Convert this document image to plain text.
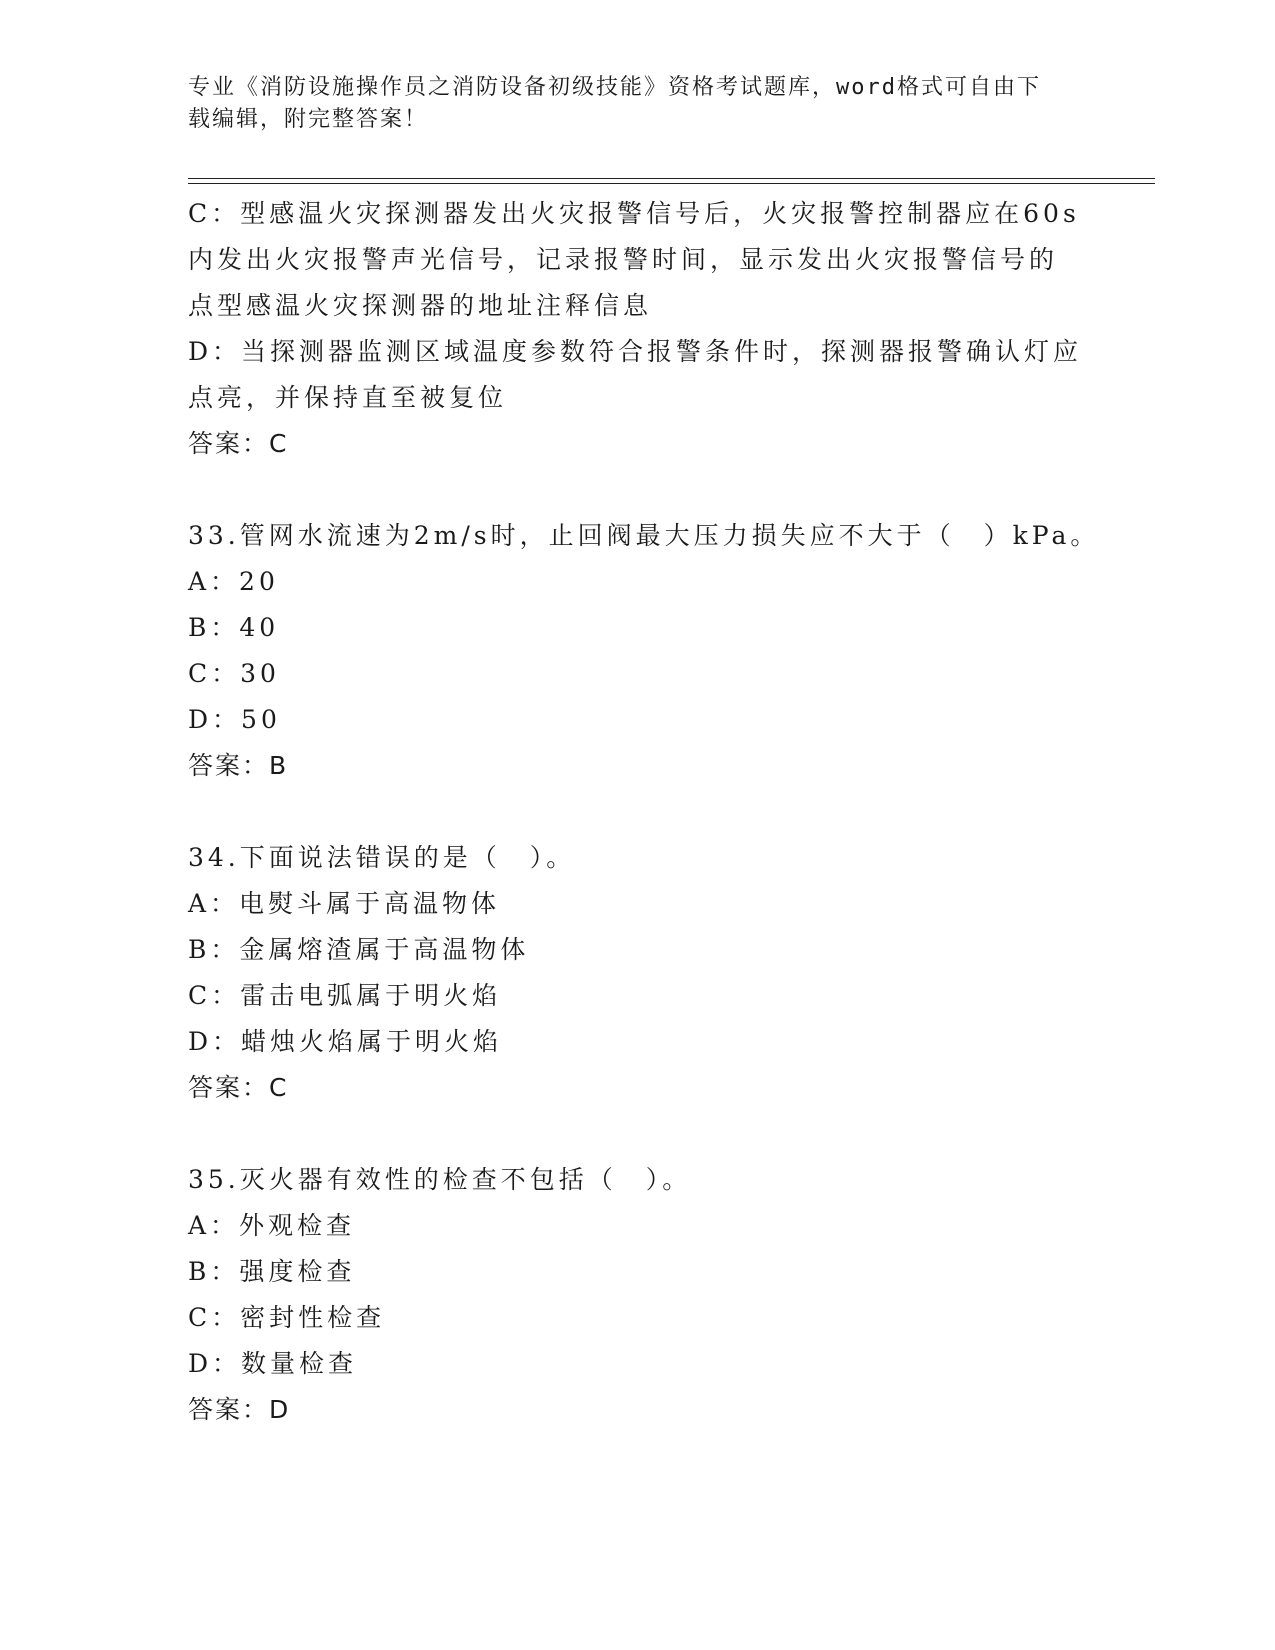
专业《消防设施操作员之消防设备初级技能》资格考试题库，word格式可自由下
载编辑，附完整答案！
C：型感温火灾探测器发出火灾报警信号后，火灾报警控制器应在60s
内发出火灾报警声光信号，记录报警时间，显示发出火灾报警信号的
点型感温火灾探测器的地址注释信息
D：当探测器监测区域温度参数符合报警条件时，探测器报警确认灯应
点亮，并保持直至被复位
答案：C
33.管网水流速为2m/s时，止回阀最大压力损失应不大于（　）kPa。
A：20
B：40
C：30
D：50
答案：B
34.下面说法错误的是（　）。
A：电熨斗属于高温物体
B：金属熔渣属于高温物体
C：雷击电弧属于明火焰
D：蜡烛火焰属于明火焰
答案：C
35.灭火器有效性的检查不包括（　）。
A：外观检查
B：强度检查
C：密封性检查
D：数量检查
答案：D
